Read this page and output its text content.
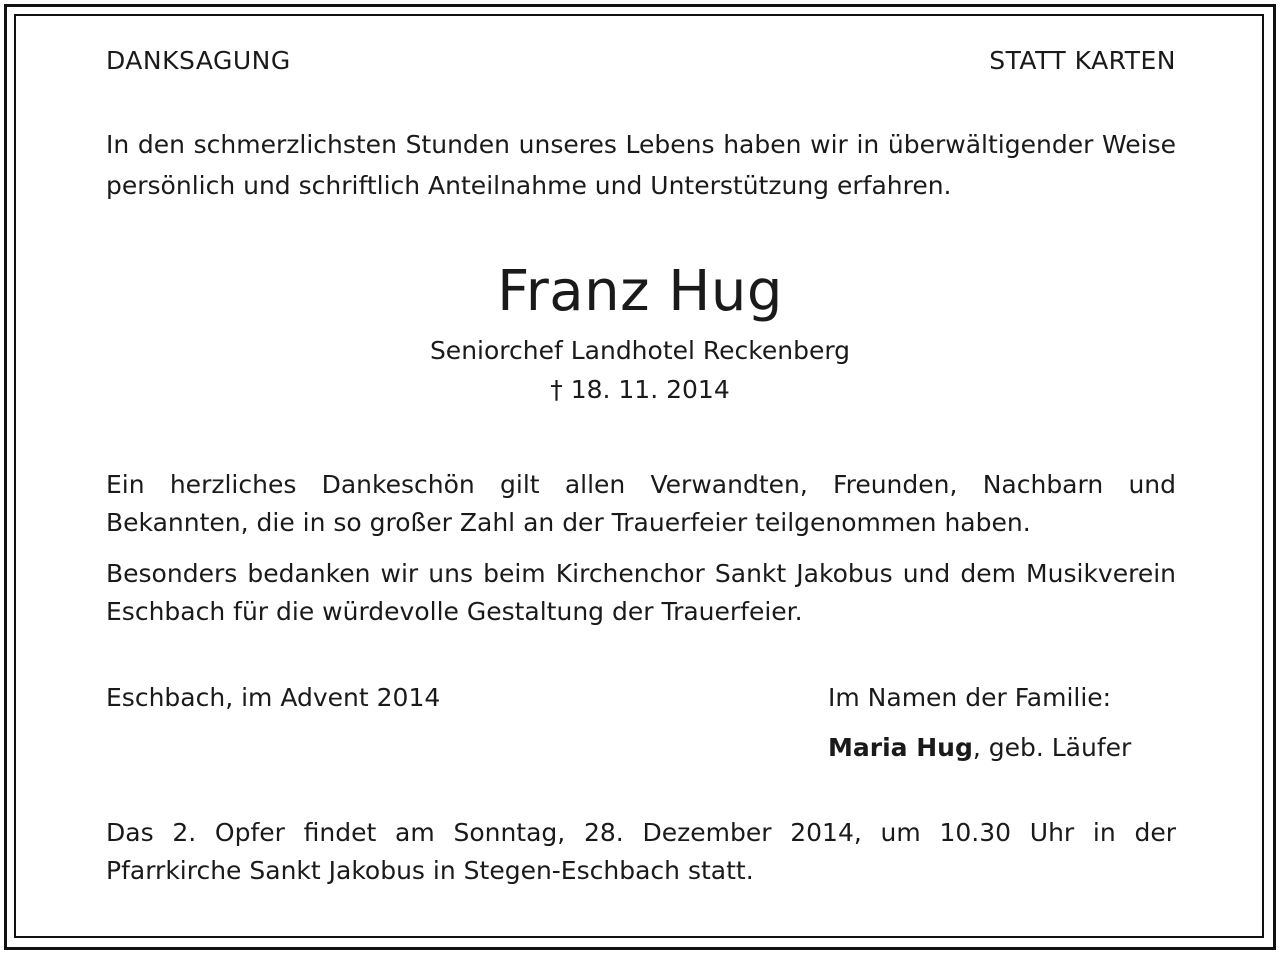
DANKSAGUNG	STATT KARTEN

In den schmerzlichsten Stunden unseres Lebens haben wir in überwältigender Weise persönlich und schriftlich Anteilnahme und Unterstützung erfahren.

Franz Hug
Seniorchef Landhotel Reckenberg
† 18. 11. 2014

Ein herzliches Dankeschön gilt allen Verwandten, Freunden, Nachbarn und Bekannten, die in so großer Zahl an der Trauerfeier teilgenommen haben.

Besonders bedanken wir uns beim Kirchenchor Sankt Jakobus und dem Musikverein Eschbach für die würdevolle Gestaltung der Trauerfeier.

Eschbach, im Advent 2014	Im Namen der Familie:
Maria Hug, geb. Läufer

Das 2. Opfer findet am Sonntag, 28. Dezember 2014, um 10.30 Uhr in der Pfarrkirche Sankt Jakobus in Stegen-Eschbach statt.
